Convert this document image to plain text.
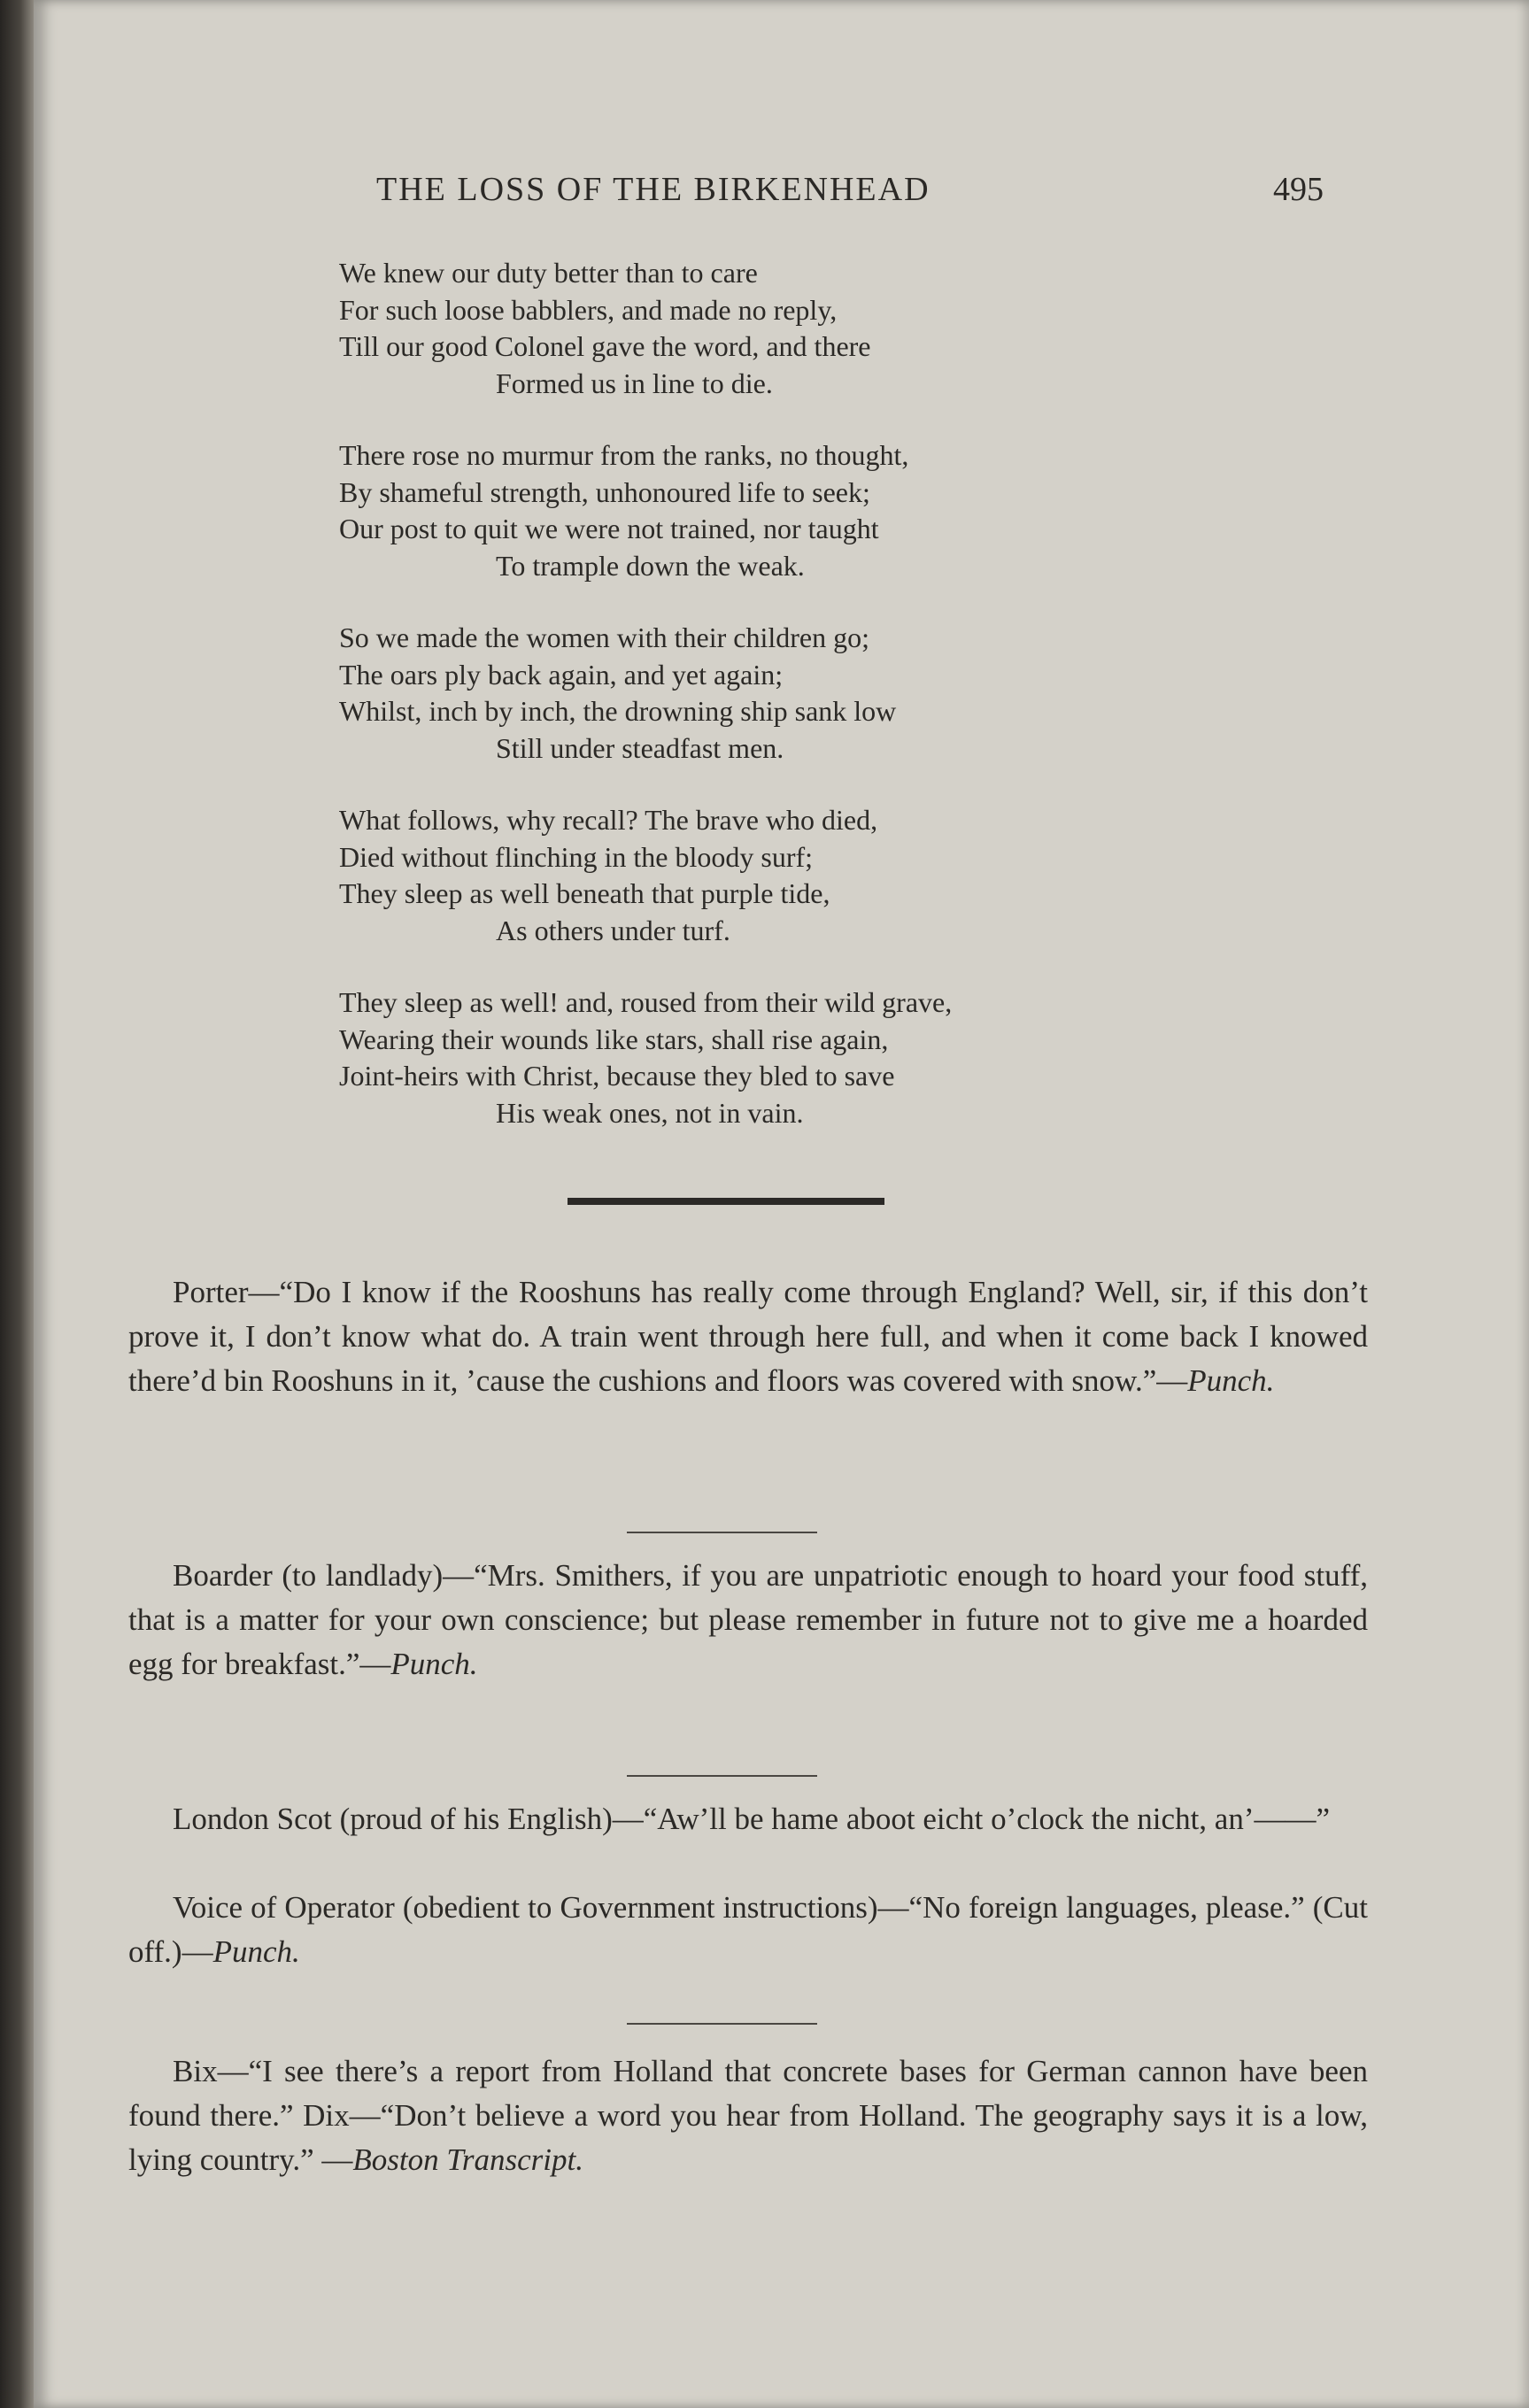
THE LOSS OF THE BIRKENHEAD	495
We knew our duty better than to care
For such loose babblers, and made no reply,
Till our good Colonel gave the word, and there
Formed us in line to die.
There rose no murmur from the ranks, no thought,
By shameful strength, unhonoured life to seek;
Our post to quit we were not trained, nor taught
To trample down the weak.
So we made the women with their children go;
The oars ply back again, and yet again;
Whilst, inch by inch, the drowning ship sank low
Still under steadfast men.
What follows, why recall? The brave who died,
Died without flinching in the bloody surf;
They sleep as well beneath that purple tide,
As others under turf.
They sleep as well! and, roused from their wild grave,
Wearing their wounds like stars, shall rise again,
Joint-heirs with Christ, because they bled to save
His weak ones, not in vain.
Porter—“Do I know if the Rooshuns has really come through England? Well, sir, if this don’t prove it, I don’t know what do. A train went through here full, and when it come back I knowed there’d bin Rooshuns in it, ’cause the cushions and floors was covered with snow.”—Punch.
Boarder (to landlady)—“Mrs. Smithers, if you are unpatriotic enough to hoard your food stuff, that is a matter for your own conscience; but please remember in future not to give me a hoarded egg for breakfast.”—Punch.
London Scot (proud of his English)—“Aw’ll be hame aboot eicht o’clock the nicht, an’——”
Voice of Operator (obedient to Government instructions)—“No foreign languages, please.” (Cut off.)—Punch.
Bix—“I see there’s a report from Holland that concrete bases for German cannon have been found there.” Dix—“Don’t believe a word you hear from Holland. The geography says it is a low, lying country.” —Boston Transcript.
